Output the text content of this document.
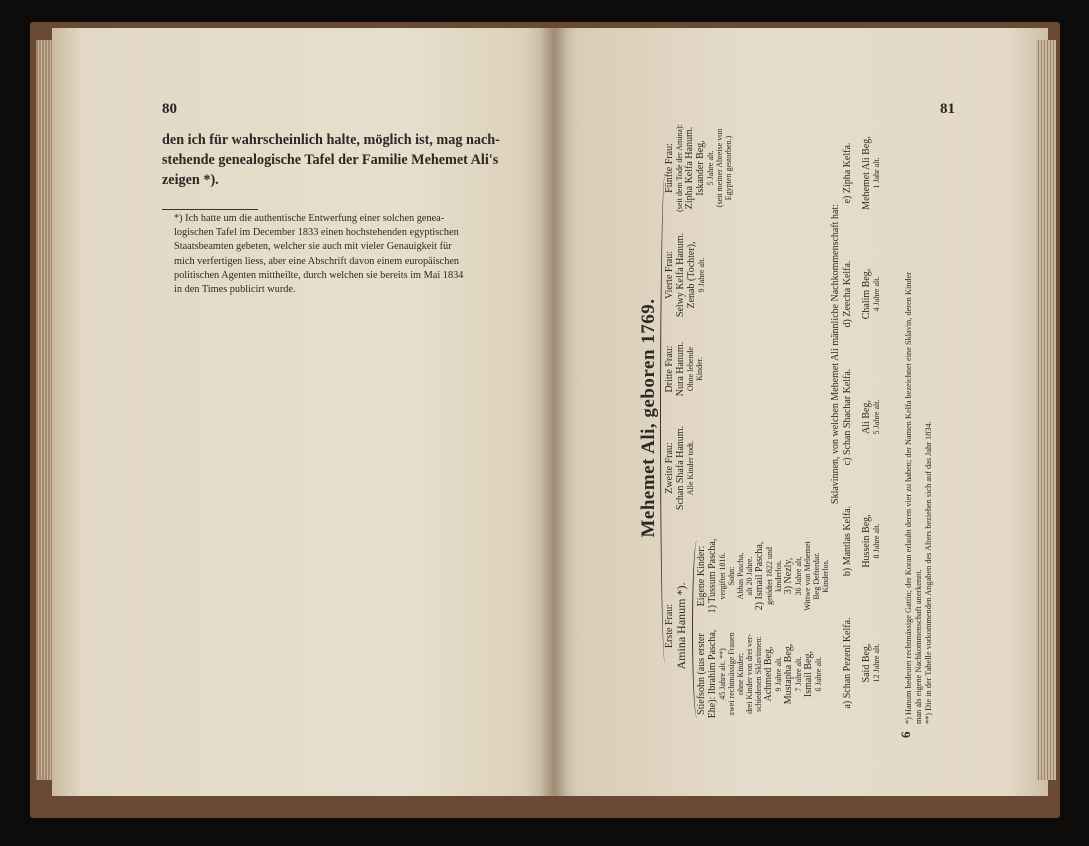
80

den ich für wahrscheinlich halte, möglich ist, mag nach-
stehende genealogische Tafel der Familie Mehemet Ali's
zeigen *).

*) Ich hatte um die authentische Entwerfung einer solchen genea-
logischen Tafel im December 1833 einen hochstehenden egyptischen
Staatsbeamten gebeten, welcher sie auch mit vieler Genauigkeit für
mich verfertigen liess, aber eine Abschrift davon einem europäischen
politischen Agenten mittheilte, durch welchen sie bereits im Mai 1834
in den Times publicirt wurde.

81
Mehemet Ali, geboren 1769.
Erste Frau: Amina Hanum *).
Stiefsohn (aus erster Ehe): Ibrahim Pascha, 45 Jahre alt. **) zwei rechtmässige Frauen ohne Kinder; drei Kinder von drei ver- schiedenen Sklavinnen: Achmed Beg, 9 Jahre alt. Mustapha Beg, 7 Jahre alt. Ismail Beg, 6 Jahre alt.
Eigene Kinder: 1) Tussum Pascha, vergiftet 1816. Sohn: Abbas Pascha, alt 20 Jahre. 2) Ismail Pascha, getödtet 1822 und kinderlos. 3) Nezly, 36 Jahre alt, Wittwe von Mehemet Beg Defterdar. Kinderlos.
Zweite Frau: Schan Shafa Hanum. Alle Kinder todt.
Dritte Frau: Nura Hanum. Ohne lebende Kinder.
Vierte Frau: Selwy Kelfa Hanum. Zenab (Tochter), 9 Jahre alt.
Fünfte Frau: (seit dem Tode der Amina): Zipha Kelfa Hanum. Iskander Beg, 5 Jahre alt. (seit meiner Abreise von Egypten gestorben.)
Sklavinnen, von welchen Mehemet Ali männliche Nachkommenschaft hat:
a) Schan Pezenl Kelfa. Said Beg, 12 Jahre alt.
b) Mantlas Kelfa. Hussein Beg, 8 Jahre alt.
c) Schan Shachar Kelfa. Ali Beg, 5 Jahre alt.
d) Zeecha Kelfa. Chalim Beg, 4 Jahre alt.
e) Zipha Kelfa. Mehemet Ali Beg, 1 Jahr alt.
*) Hanum bedeutet rechtmässige Gattin; der Koran erlaubt deren vier zu haben; der Namen Kelfa bezeichnet eine Sklavin, deren Kinder man als eigene Nachkommenschaft anerkennt. **) Die in der Tabelle vorkommenden Angaben des Alters beziehen sich auf das Jahr 1834.
6
